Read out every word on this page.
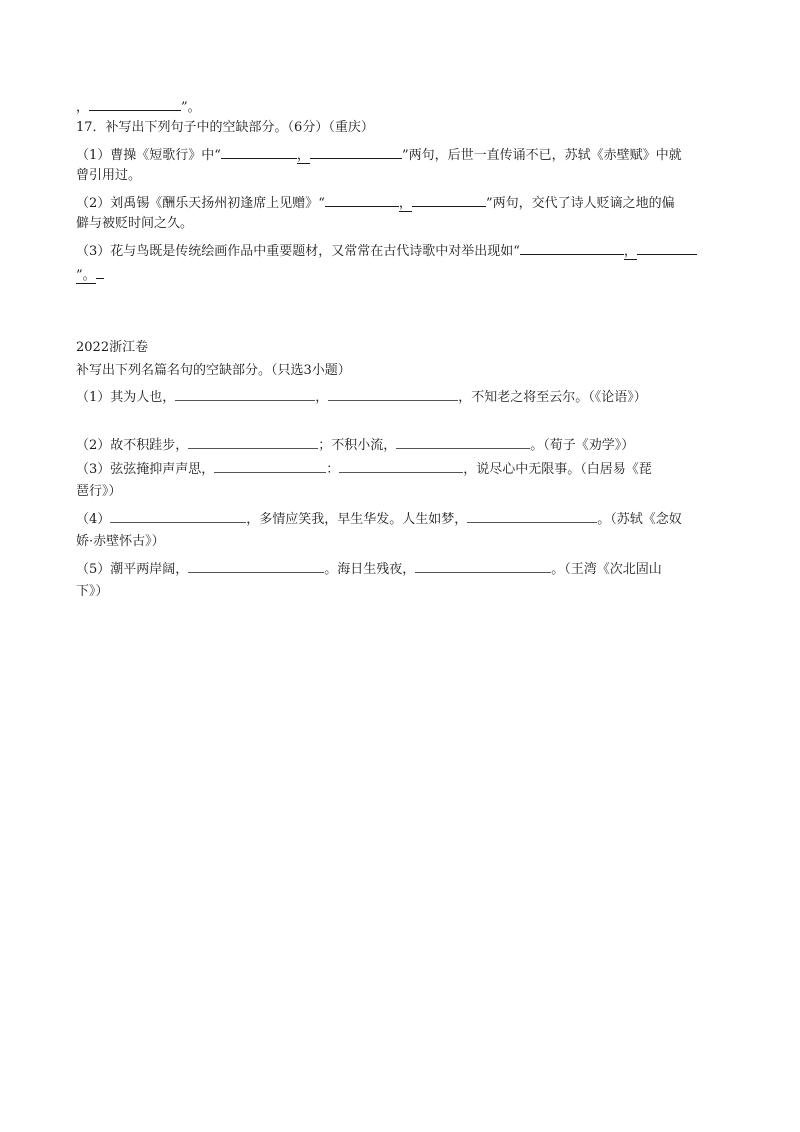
，	”。
17．补写出下列句子中的空缺部分。（6分）（重庆）
（1）曹操《短歌行》中“	，	”两句，后世一直传诵不已，苏轼《赤壁赋》中就
曾引用过。
（2）刘禹锡《酬乐天扬州初逢席上见赠》“	，	”两句，交代了诗人贬谪之地的偏
僻与被贬时间之久。
（3）花与鸟既是传统绘画作品中重要题材，又常常在古代诗歌中对举出现如“	，
”。
2022浙江卷
补写出下列名篇名句的空缺部分。（只选3小题）
（1）其为人也，	，	，不知老之将至云尔。（《论语》）
（2）故不积跬步，	；不积小流，	。（荀子《劝学》）
（3）弦弦掩抑声声思，	：	，说尽心中无限事。（白居易《琵
琶行》）
（4）	，多情应笑我，早生华发。人生如梦，	。（苏轼《念奴
娇·赤壁怀古》）
（5）潮平两岸阔，	。海日生残夜，	。（王湾《次北固山
下》）
